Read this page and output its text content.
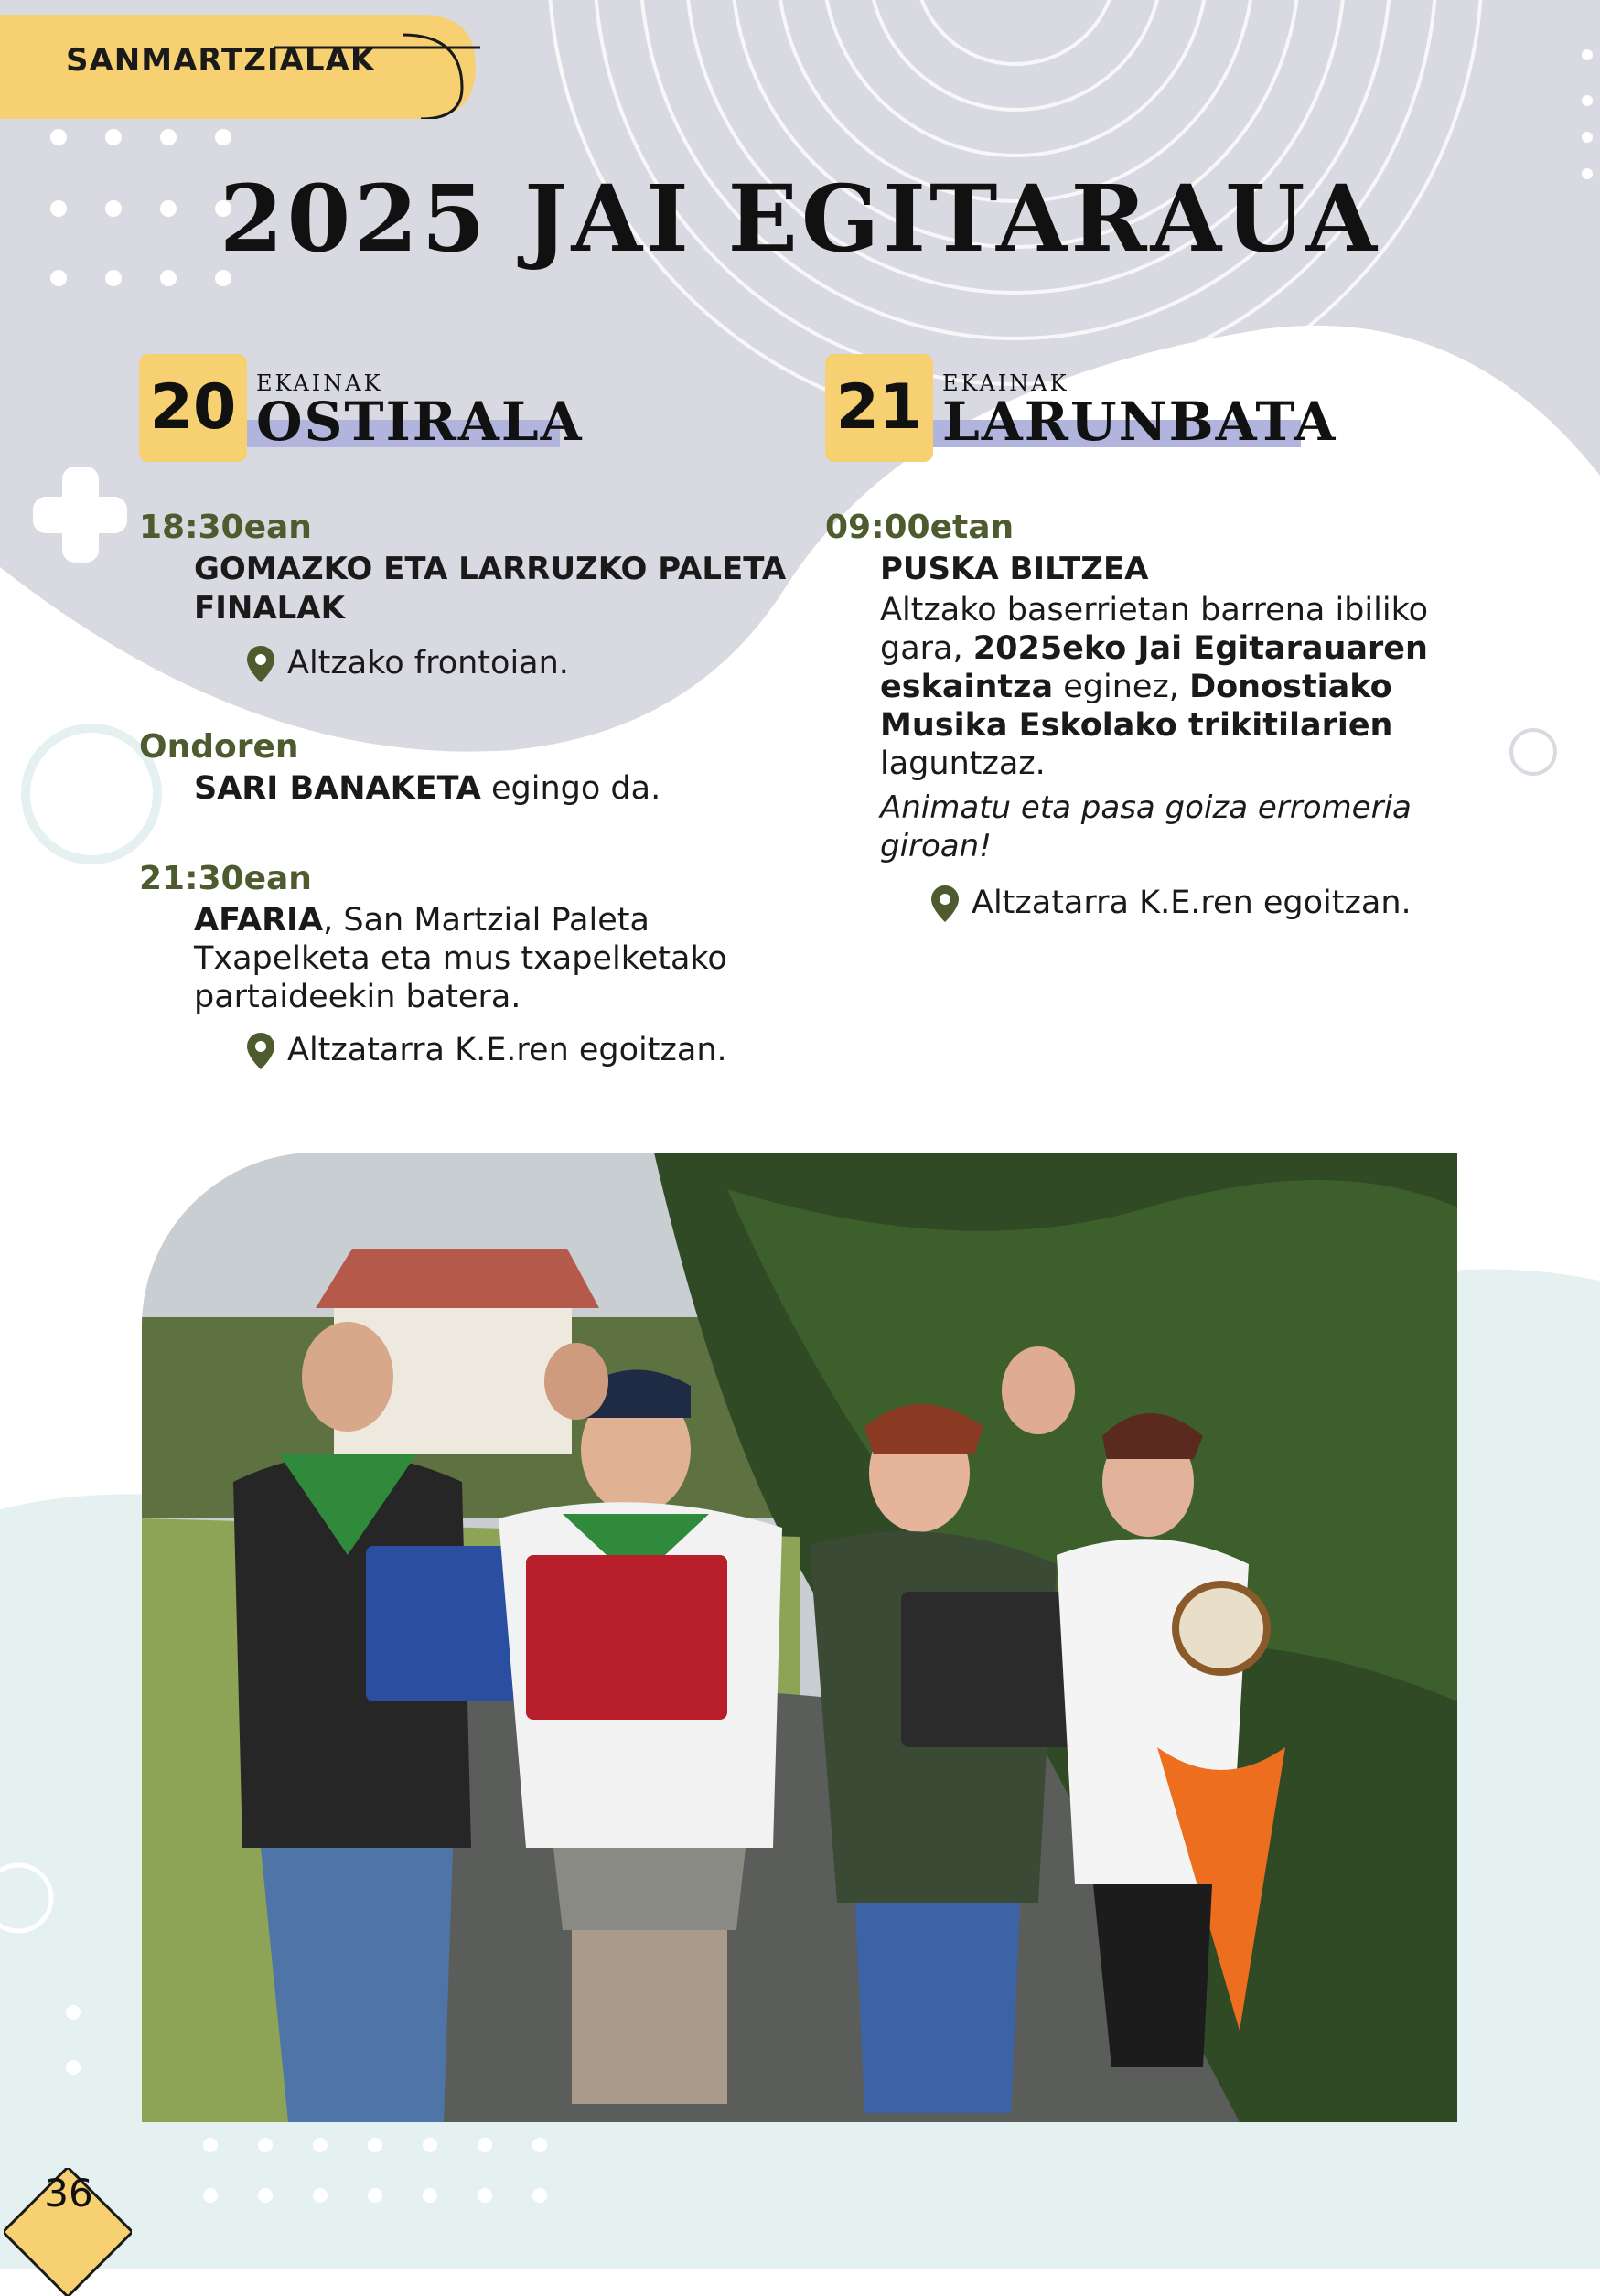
SANMARTZIALAK
2025 JAI EGITARAUA
20 EKAINAK
OSTIRALA	21 EKAINAK
LARUNBATA
18:30ean
GOMAZKO ETA LARRUZKO PALETA FINALAK
Altzako frontoian.
Ondoren
SARI BANAKETA egingo da.
21:30ean
AFARIA, San Martzial Paleta Txapelketa eta mus txapelketako partaideekin batera.
Altzatarra K.E.ren egoitzan.
09:00etan
PUSKA BILTZEA
Altzako baserrietan barrena ibiliko gara, 2025eko Jai Egitarauaren eskaintza eginez, Donostiako Musika Eskolako trikitilarien laguntzaz.
Animatu eta pasa goiza erromeria giroan!
Altzatarra K.E.ren egoitzan.
36
